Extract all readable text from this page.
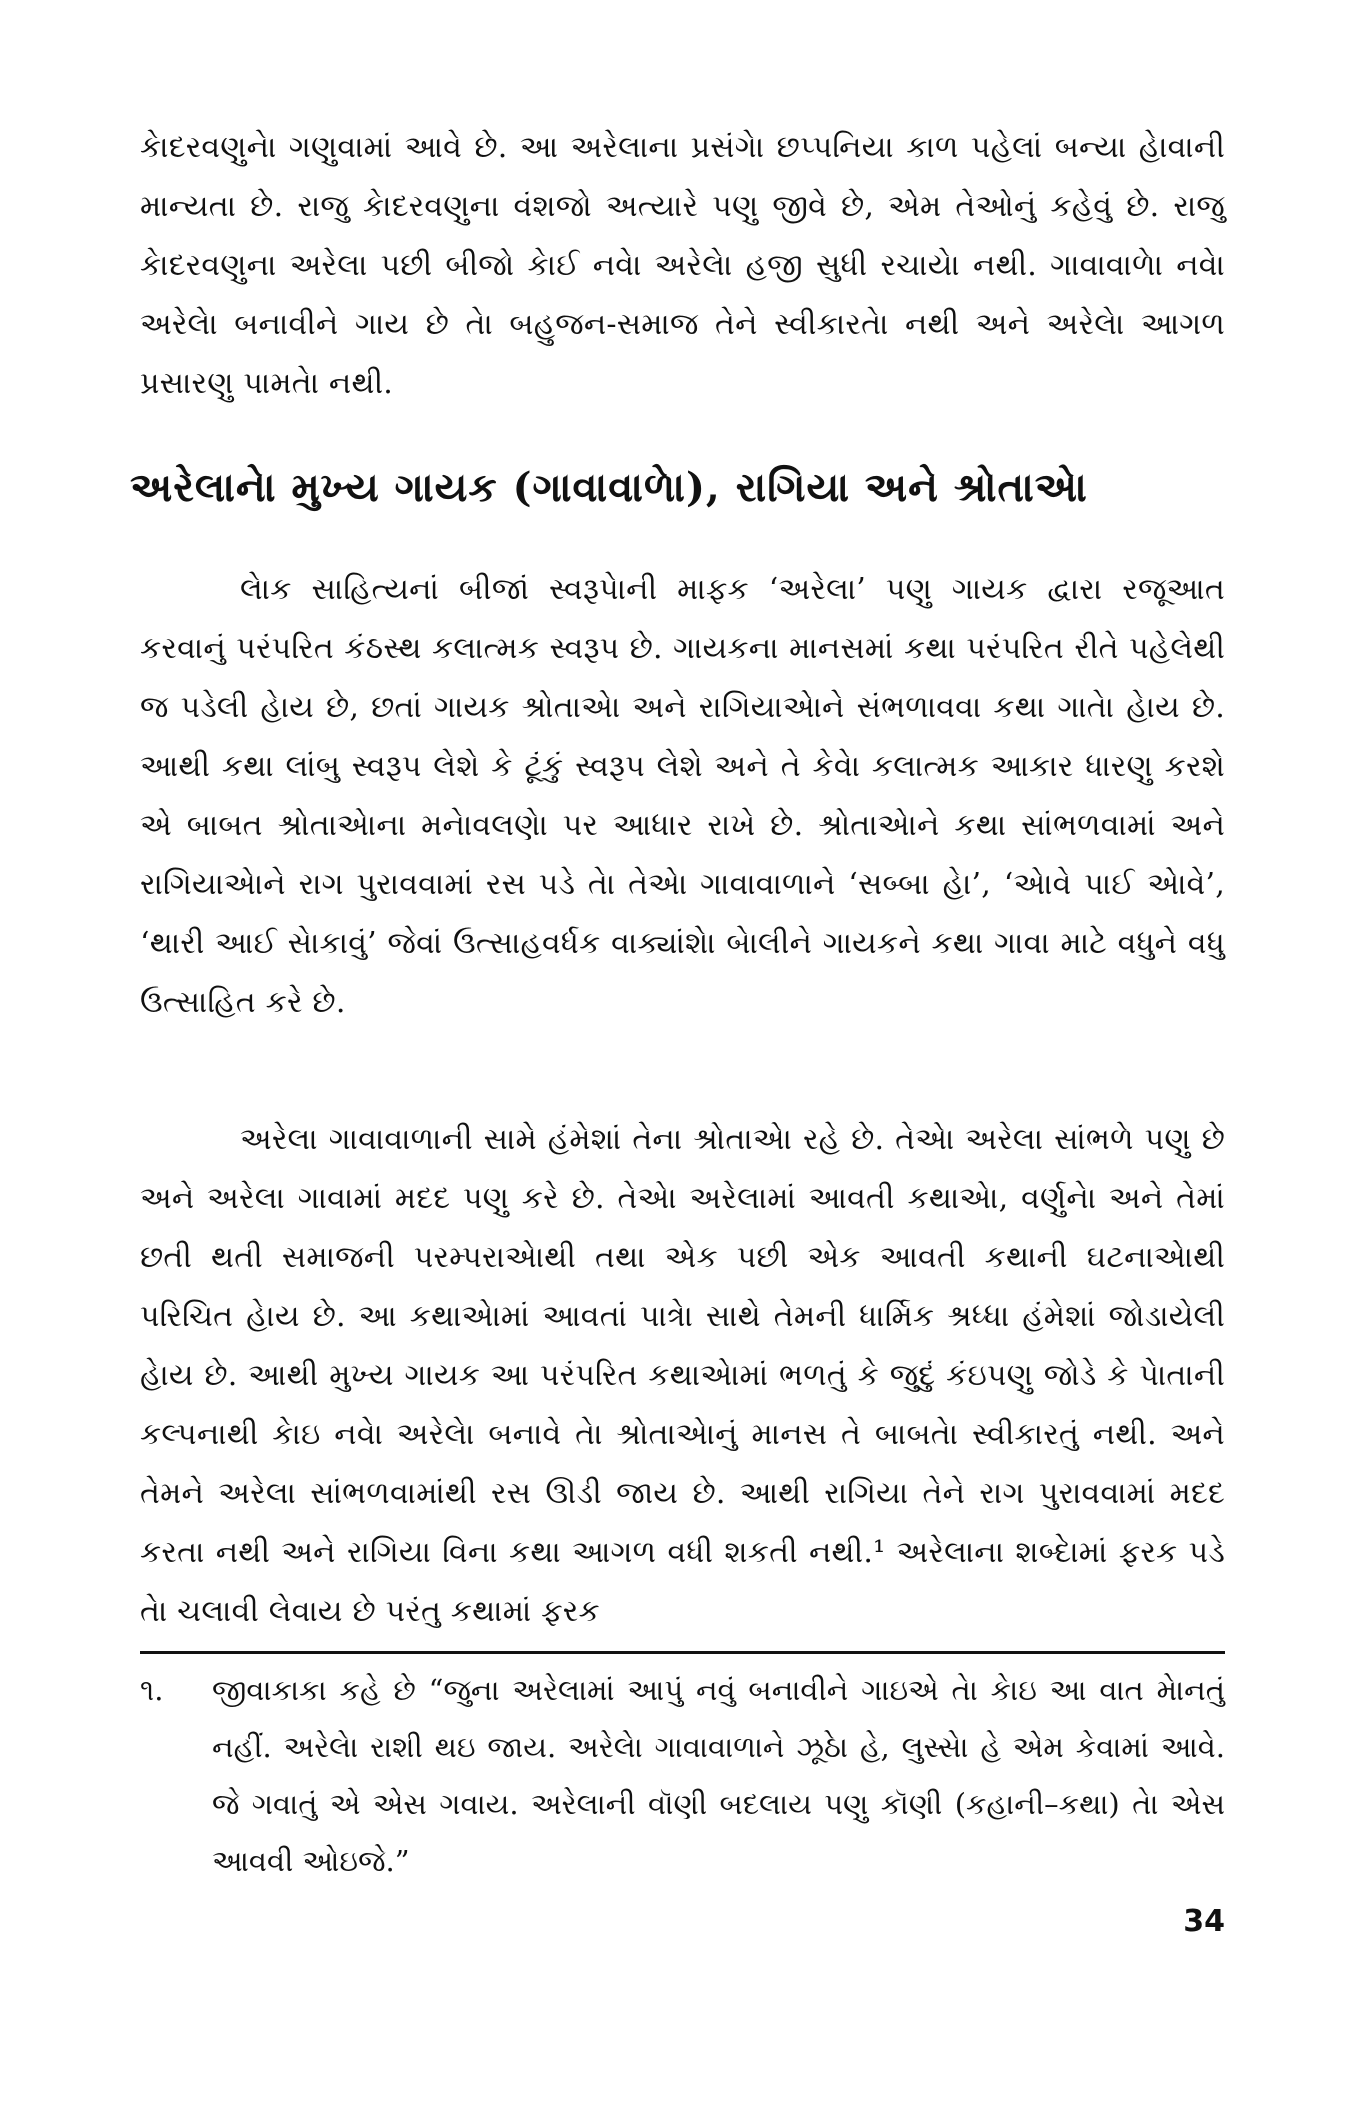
કેાદરવણુનેા ગણુવામાં આવે છે. આ અરેલાના પ્રસંગેા છપ્પનિયા કાળ પહેલાં બન્યા હેાવાની માન્યતા છે. રાજુ કેાદરવણુના વંશજો અત્યારે પણુ જીવે છે, એમ તેઓનું કહેવું છે. રાજુ કેાદરવણુના અરેલા પછી બીજો કેાઈ નવેા અરેલેા હજી સુધી રચાયેા નથી. ગાવાવાળેા નવેા અરેલેા બનાવીને ગાય છે તેા બહુજન-સમાજ તેને સ્વીકારતેા નથી અને અરેલેા આગળ પ્રસારણુ પામતેા નથી.

અરેલાનેા મુખ્ય ગાયક (ગાવાવાળેા), રાગિયા અને શ્રોતાએા

લેાક સાહિત્યનાં બીજાં સ્વરૂપેાની માફક ‘અરેલા’ પણુ ગાયક દ્વારા રજૂઆત કરવાનું પરંપરિત કંઠસ્થ કલાત્મક સ્વરૂપ છે. ગાયકના માનસમાં કથા પરંપરિત રીતે પહેલેથી જ પડેલી હેાય છે, છતાં ગાયક શ્રોતાએા અને રાગિયાએાને સંભળાવવા કથા ગાતેા હેાય છે. આથી કથા લાંબુ સ્વરૂપ લેશે કે ટૂંકું સ્વરૂપ લેશે અને તે કેવેા કલાત્મક આકાર ધારણુ કરશે એ બાબત શ્રોતાએાના મનેાવલણેા પર આધાર રાખે છે. શ્રોતાએાને કથા સાંભળવામાં અને રાગિયાએાને રાગ પુરાવવામાં રસ પડે તેા તેએા ગાવાવાળાને ‘સબ્બા હેા’, ‘એાવે પાઈ એાવે’, ‘થારી આઈ સેાકાવું’ જેવાં ઉત્સાહવર્ધક વાક્યાંશેા બેાલીને ગાયકને કથા ગાવા માટે વધુને વધુ ઉત્સાહિત કરે છે.

અરેલા ગાવાવાળાની સામે હંમેશાં તેના શ્રોતાએા રહે છે. તેએા અરેલા સાંભળે પણુ છે અને અરેલા ગાવામાં મદદ પણુ કરે છે. તેએા અરેલામાં આવતી કથાએા, વર્ણુનેા અને તેમાં છતી થતી સમાજની પરમ્પરાએાથી તથા એક પછી એક આવતી કથાની ઘટનાએાથી પરિચિત હેાય છે. આ કથાએામાં આવતાં પાત્રેા સાથે તેમની ધાર્મિક શ્રધ્ધા હંમેશાં જોડાયેલી હેાય છે. આથી મુખ્ય ગાયક આ પરંપરિત કથાએામાં ભળતું કે જુદું કંઇપણુ જોડે કે પેાતાની કલ્પનાથી કેાઇ નવેા અરેલેા બનાવે તેા શ્રોતાએાનું માનસ તે બાબતેા સ્વીકારતું નથી. અને તેમને અરેલા સાંભળવામાંથી રસ ઊડી જાય છે. આથી રાગિયા તેને રાગ પુરાવવામાં મદદ કરતા નથી અને રાગિયા વિના કથા આગળ વધી શકતી નથી.¹ અરેલાના શબ્દેામાં ફરક પડે તેા ચલાવી લેવાય છે પરંતુ કથામાં ફરક

૧.	જીવાકાકા કહે છે “જુના અરેલામાં આપું નવું બનાવીને ગાઇએ તેા કેાઇ આ વાત મેાનતું નહીં. અરેલેા રાશી થઇ જાય. અરેલેા ગાવાવાળાને ઝૂઠેા હે, લુસ્સેા હે એમ કેવામાં આવે. જે ગવાતું એ એસ ગવાય. અરેલાની વૉણી બદલાય પણુ કૉણી (કહાની–કથા) તેા એસ આવવી ઓઇજે.”
34
